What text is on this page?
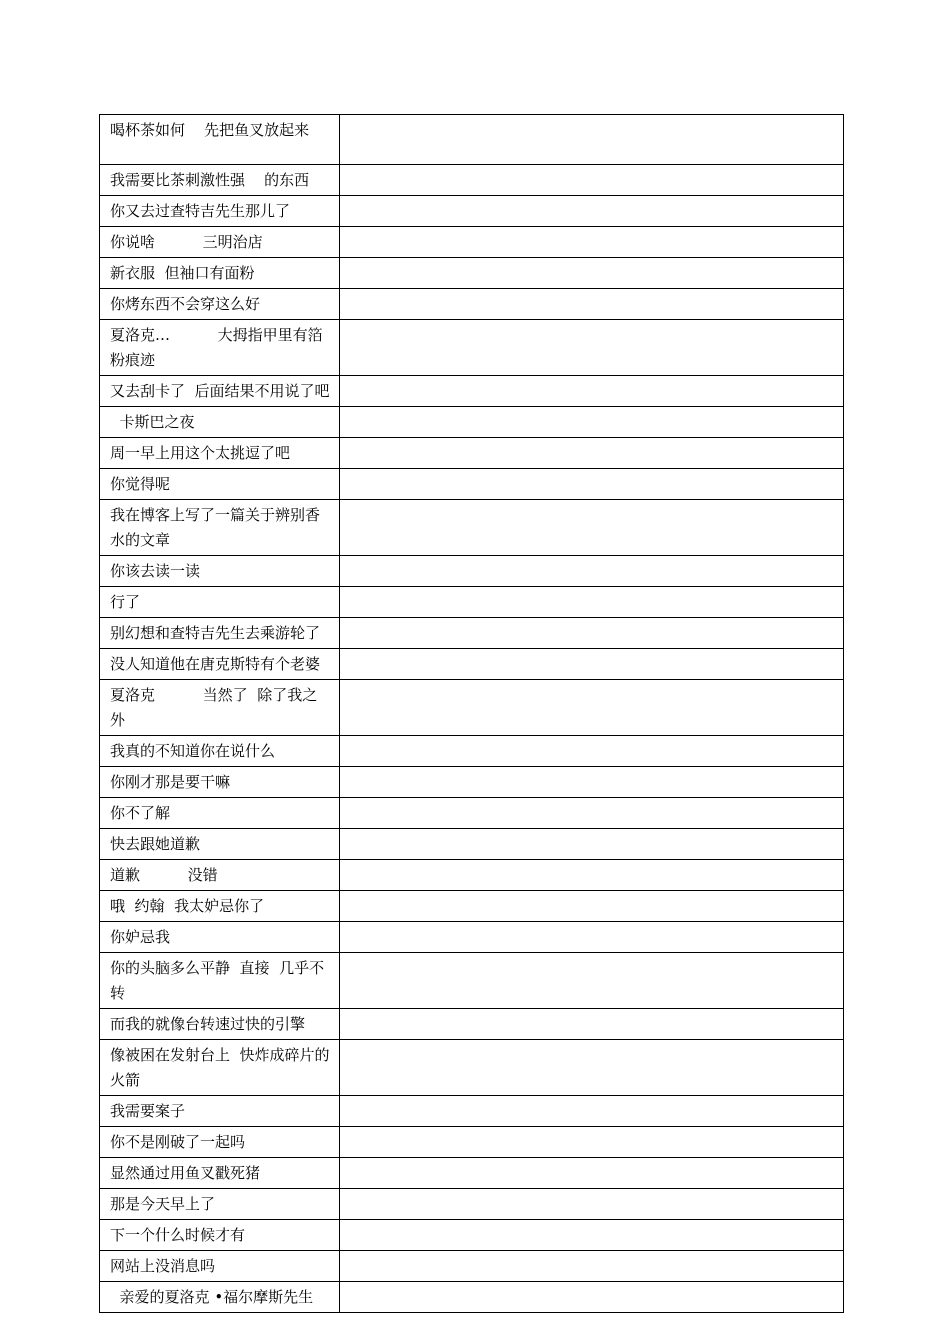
喝杯茶如何    先把鱼叉放起来	
我需要比茶刺激性强    的东西	
你又去过查特吉先生那儿了	
你说啥          三明治店	
新衣服  但袖口有面粉	
你烤东西不会穿这么好	
夏洛克…          大拇指甲里有箔粉痕迹	
又去刮卡了  后面结果不用说了吧	
卡斯巴之夜	
周一早上用这个太挑逗了吧	
你觉得呢	
我在博客上写了一篇关于辨别香水的文章	
你该去读一读	
行了	
别幻想和查特吉先生去乘游轮了	
没人知道他在唐克斯特有个老婆	
夏洛克          当然了  除了我之外	
我真的不知道你在说什么	
你刚才那是要干嘛	
你不了解	
快去跟她道歉	
道歉          没错	
哦  约翰  我太妒忌你了	
你妒忌我	
你的头脑多么平静  直接  几乎不转	
而我的就像台转速过快的引擎	
像被困在发射台上  快炸成碎片的火箭	
我需要案子	
你不是刚破了一起吗	
显然通过用鱼叉戳死猪	
那是今天早上了	
下一个什么时候才有	
网站上没消息吗	
亲爱的夏洛克 •福尔摩斯先生	
